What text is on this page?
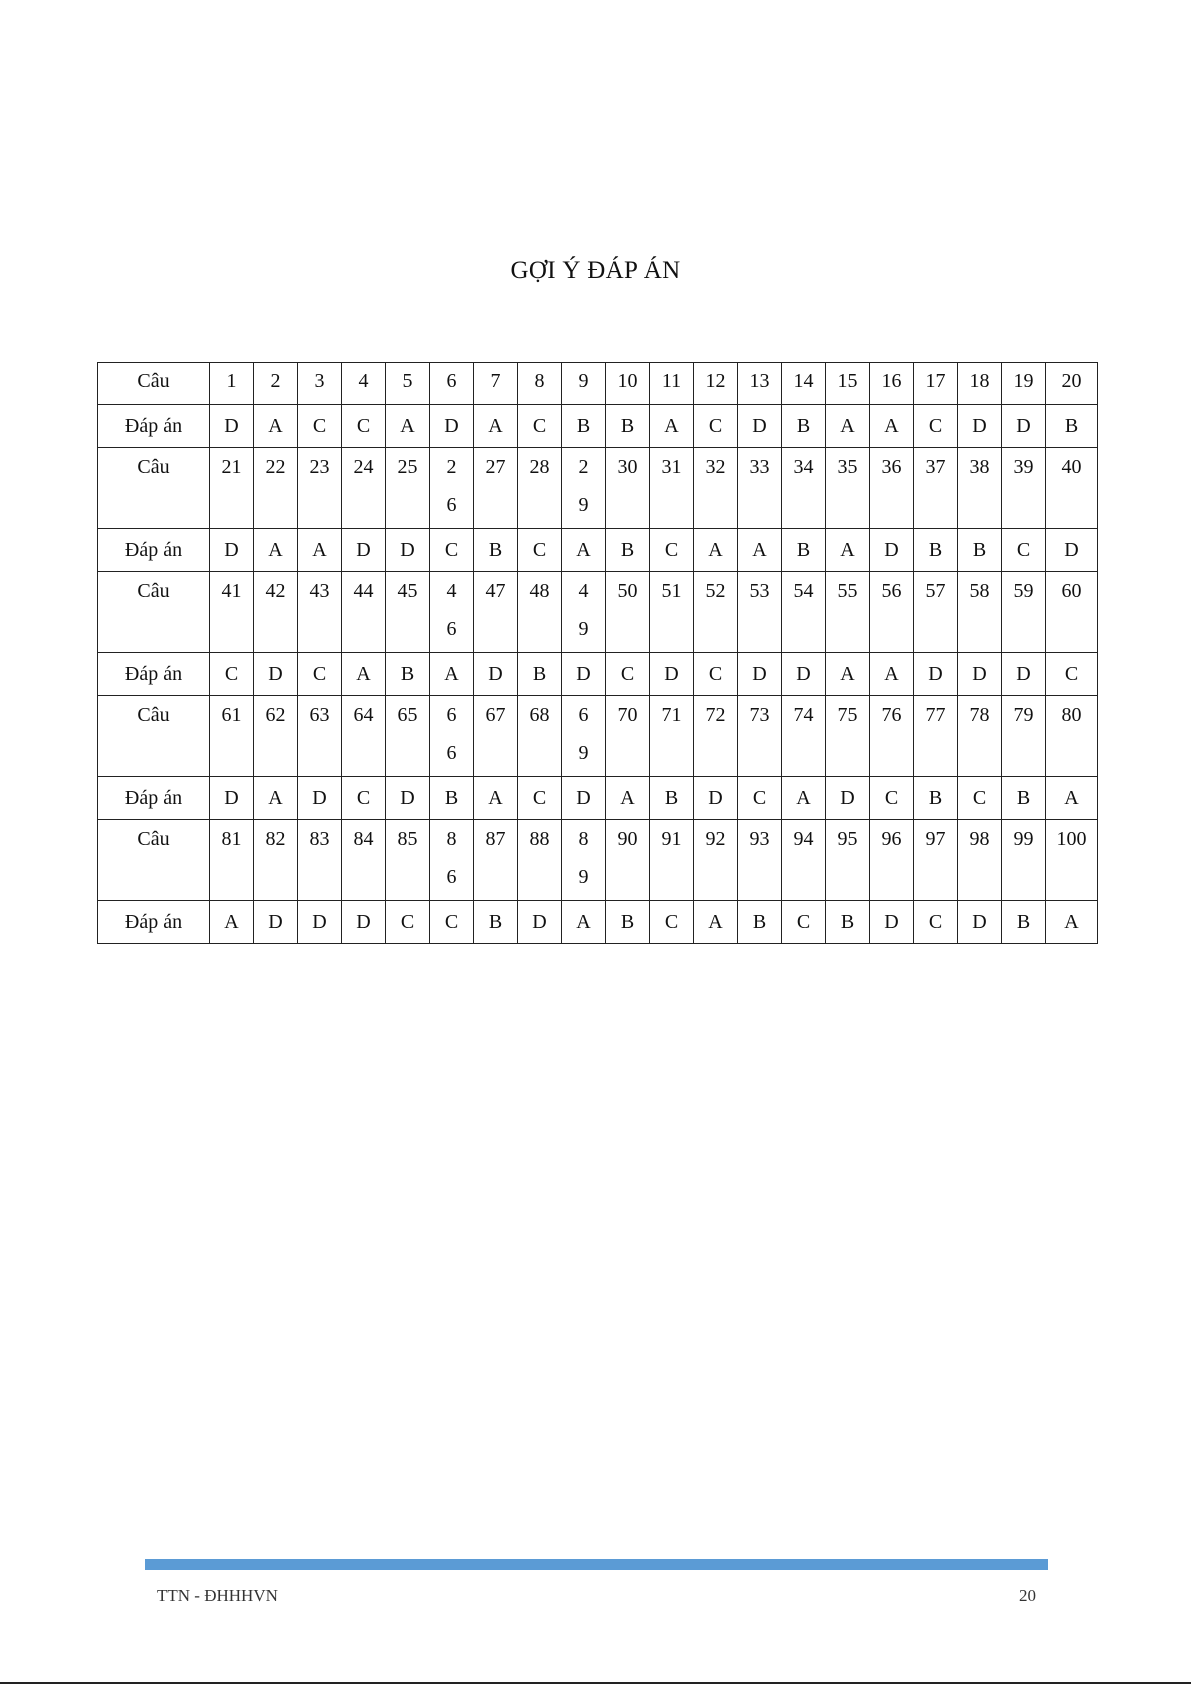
GỢI Ý ĐÁP ÁN
Câu	1	2	3	4	5	6	7	8	9	10	11	12	13	14	15	16	17	18	19	20
Đáp án	D	A	C	C	A	D	A	C	B	B	A	C	D	B	A	A	C	D	D	B
Câu	21	22	23	24	25	26	27	28	29	30	31	32	33	34	35	36	37	38	39	40
Đáp án	D	A	A	D	D	C	B	C	A	B	C	A	A	B	A	D	B	B	C	D
Câu	41	42	43	44	45	46	47	48	49	50	51	52	53	54	55	56	57	58	59	60
Đáp án	C	D	C	A	B	A	D	B	D	C	D	C	D	D	A	A	D	D	D	C
Câu	61	62	63	64	65	66	67	68	69	70	71	72	73	74	75	76	77	78	79	80
Đáp án	D	A	D	C	D	B	A	C	D	A	B	D	C	A	D	C	B	C	B	A
Câu	81	82	83	84	85	86	87	88	89	90	91	92	93	94	95	96	97	98	99	100
Đáp án	A	D	D	D	C	C	B	D	A	B	C	A	B	C	B	D	C	D	B	A
TTN - ĐHHHVN	20
